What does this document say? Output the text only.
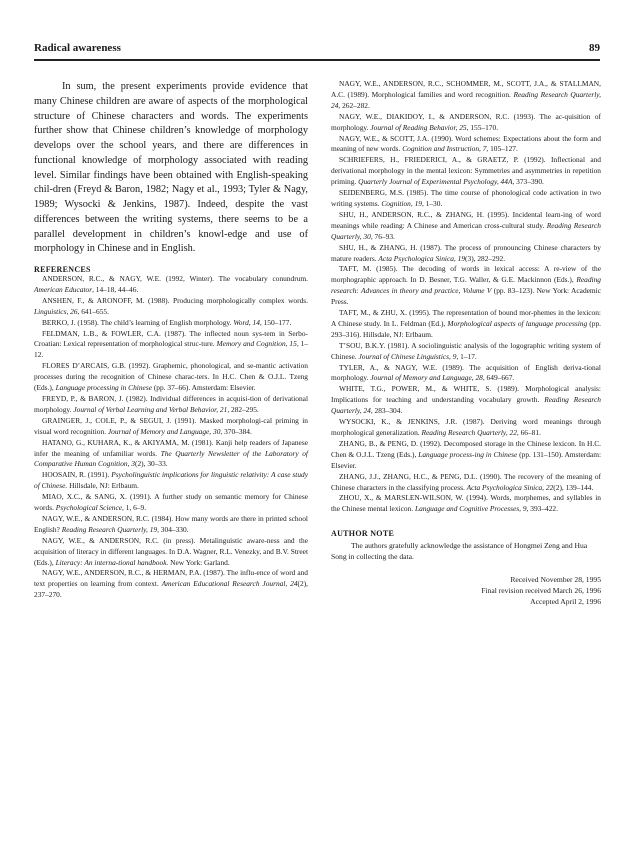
Radical awareness	89

In sum, the present experiments provide evidence that many Chinese children are aware of aspects of the morphological structure of Chinese characters and words. The experiments further show that Chinese children’s knowledge of morphology develops over the school years, and there are differences in functional knowledge of morphology associated with reading level. Similar findings have been obtained with English-speaking chil-dren (Freyd & Baron, 1982; Nagy et al., 1993; Tyler & Nagy, 1989; Wysocki & Jenkins, 1987). Indeed, despite the vast differences between the writing systems, there seems to be a parallel development in children’s knowl-edge and use of morphology in Chinese and in English.

REFERENCES

ANDERSON, R.C., & NAGY, W.E. (1992, Winter). The vocabulary conundrum. American Educator, 14–18, 44–46.

ANSHEN, F., & ARONOFF, M. (1988). Producing morphologically complex words. Linguistics, 26, 641–655.

BERKO, J. (1958). The child’s learning of English morphology. Word, 14, 150–177.

FELDMAN, L.B., & FOWLER, C.A. (1987). The inflected noun sys-tem in Serbo-Croatian: Lexical representation of morphological struc-ture. Memory and Cognition, 15, 1–12.

FLORES D’ARCAIS, G.B. (1992). Graphemic, phonological, and se-mantic activation processes during the recognition of Chinese charac-ters. In H.C. Chen & O.J.L. Tzeng (Eds.), Language processing in Chinese (pp. 37–66). Amsterdam: Elsevier.

FREYD, P., & BARON, J. (1982). Individual differences in acquisi-tion of derivational morphology. Journal of Verbal Learning and Verbal Behavior, 21, 282–295.

GRAINGER, J., COLE, P., & SEGUI, J. (1991). Masked morphologi-cal priming in visual word recognition. Journal of Memory and Language, 30, 370–384.

HATANO, G., KUHARA, K., & AKIYAMA, M. (1981). Kanji help readers of Japanese infer the meaning of unfamiliar words. The Quarterly Newsletter of the Laboratory of Comparative Human Cognition, 3(2), 30–33.

HOOSAIN, R. (1991). Psycholinguistic implications for linguistic relativity: A case study of Chinese. Hillsdale, NJ: Erlbaum.

MIAO, X.C., & SANG, X. (1991). A further study on semantic memory for Chinese words. Psychological Science, 1, 6–9.

NAGY, W.E., & ANDERSON, R.C. (1984). How many words are there in printed school English? Reading Research Quarterly, 19, 304–330.

NAGY, W.E., & ANDERSON, R.C. (in press). Metalinguistic aware-ness and the acquisition of literacy in different languages. In D.A. Wagner, R.L. Venezky, and B.V. Street (Eds.), Literacy: An interna-tional handbook. New York: Garland.

NAGY, W.E., ANDERSON, R.C., & HERMAN, P.A. (1987). The influ-ence of word and text properties on learning from context. American Educational Research Journal, 24(2), 237–270.

NAGY, W.E., ANDERSON, R.C., SCHOMMER, M., SCOTT, J.A., & STALLMAN, A.C. (1989). Morphological families and word recognition. Reading Research Quarterly, 24, 262–282.

NAGY, W.E., DIAKIDOY, I., & ANDERSON, R.C. (1993). The ac-quisition of morphology. Journal of Reading Behavior, 25, 155–170.

NAGY, W.E., & SCOTT, J.A. (1990). Word schemes: Expectations about the form and meaning of new words. Cognition and Instruction, 7, 105–127.

SCHRIEFERS, H., FRIEDERICI, A., & GRAETZ, P. (1992). Inflectional and derivational morphology in the mental lexicon: Symmetries and asymmetries in repetition priming. Quarterly Journal of Experimental Psychology, 44A, 373–390.

SEIDENBERG, M.S. (1985). The time course of phonological code activation in two writing systems. Cognition, 19, 1–30.

SHU, H., ANDERSON, R.C., & ZHANG, H. (1995). Incidental learn-ing of word meanings while reading: A Chinese and American cross-cultural study. Reading Research Quarterly, 30, 76–93.

SHU, H., & ZHANG, H. (1987). The process of pronouncing Chinese characters by mature readers. Acta Psychologica Sinica, 19(3), 282–292.

TAFT, M. (1985). The decoding of words in lexical access: A re-view of the morphographic approach. In D. Besner, T.G. Waller, & G.E. Mackinnon (Eds.), Reading research: Advances in theory and practice, Volume V (pp. 83–123). New York: Academic Press.

TAFT, M., & ZHU, X. (1995). The representation of bound mor-phemes in the lexicon: A Chinese study. In L. Feldman (Ed.), Morphological aspects of language processing (pp. 293–316). Hillsdale, NJ: Erlbaum.

T’SOU, B.K.Y. (1981). A sociolinguistic analysis of the logographic writing system of Chinese. Journal of Chinese Linguistics, 9, 1–17.

TYLER, A., & NAGY, W.E. (1989). The acquisition of English deriva-tional morphology. Journal of Memory and Language, 28, 649–667.

WHITE, T.G., POWER, M., & WHITE, S. (1989). Morphological analysis: Implications for teaching and understanding vocabulary growth. Reading Research Quarterly, 24, 283–304.

WYSOCKI, K., & JENKINS, J.R. (1987). Deriving word meanings through morphological generalization. Reading Research Quarterly, 22, 66–81.

ZHANG, B., & PENG, D. (1992). Decomposed storage in the Chinese lexicon. In H.C. Chen & O.J.L. Tzeng (Eds.), Language process-ing in Chinese (pp. 131–150). Amsterdam: Elsevier.

ZHANG, J.J., ZHANG, H.C., & PENG, D.L. (1990). The recovery of the meaning of Chinese characters in the classifying process. Acta Psychologica Sinica, 22(2), 139–144.

ZHOU, X., & MARSLEN-WILSON, W. (1994). Words, morphemes, and syllables in the Chinese mental lexicon. Language and Cognitive Processes, 9, 393–422.

AUTHOR NOTE

The authors gratefully acknowledge the assistance of Hongmei Zeng and Hua Song in collecting the data.

Received November 28, 1995
Final revision received March 26, 1996
Accepted April 2, 1996
